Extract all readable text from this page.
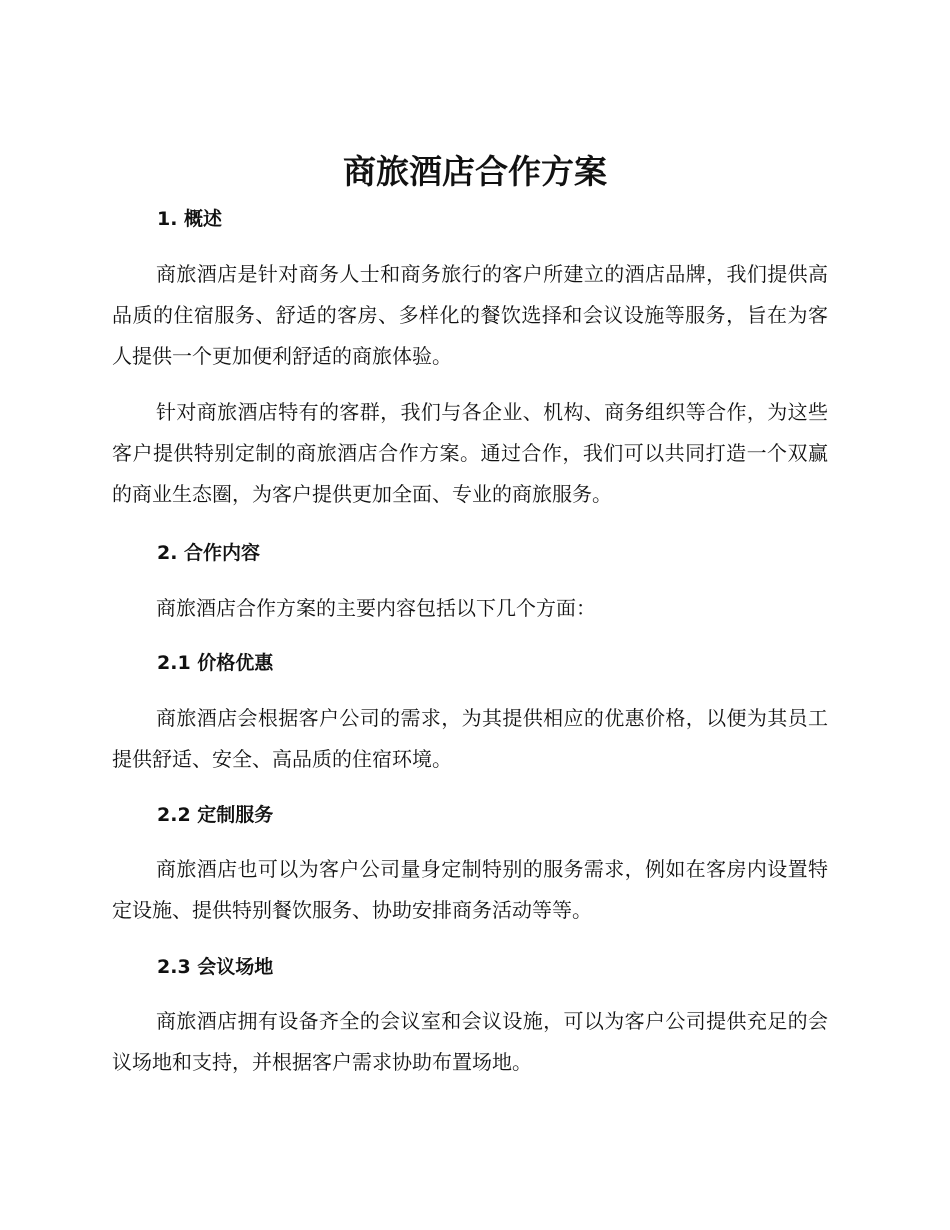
商旅酒店合作方案
1. 概述

商旅酒店是针对商务人士和商务旅行的客户所建立的酒店品牌，我们提供高品质的住宿服务、舒适的客房、多样化的餐饮选择和会议设施等服务，旨在为客人提供一个更加便利舒适的商旅体验。

针对商旅酒店特有的客群，我们与各企业、机构、商务组织等合作，为这些客户提供特别定制的商旅酒店合作方案。通过合作，我们可以共同打造一个双赢的商业生态圈，为客户提供更加全面、专业的商旅服务。

2. 合作内容

商旅酒店合作方案的主要内容包括以下几个方面：

2.1 价格优惠

商旅酒店会根据客户公司的需求，为其提供相应的优惠价格，以便为其员工提供舒适、安全、高品质的住宿环境。

2.2 定制服务

商旅酒店也可以为客户公司量身定制特别的服务需求，例如在客房内设置特定设施、提供特别餐饮服务、协助安排商务活动等等。

2.3 会议场地

商旅酒店拥有设备齐全的会议室和会议设施，可以为客户公司提供充足的会议场地和支持，并根据客户需求协助布置场地。
